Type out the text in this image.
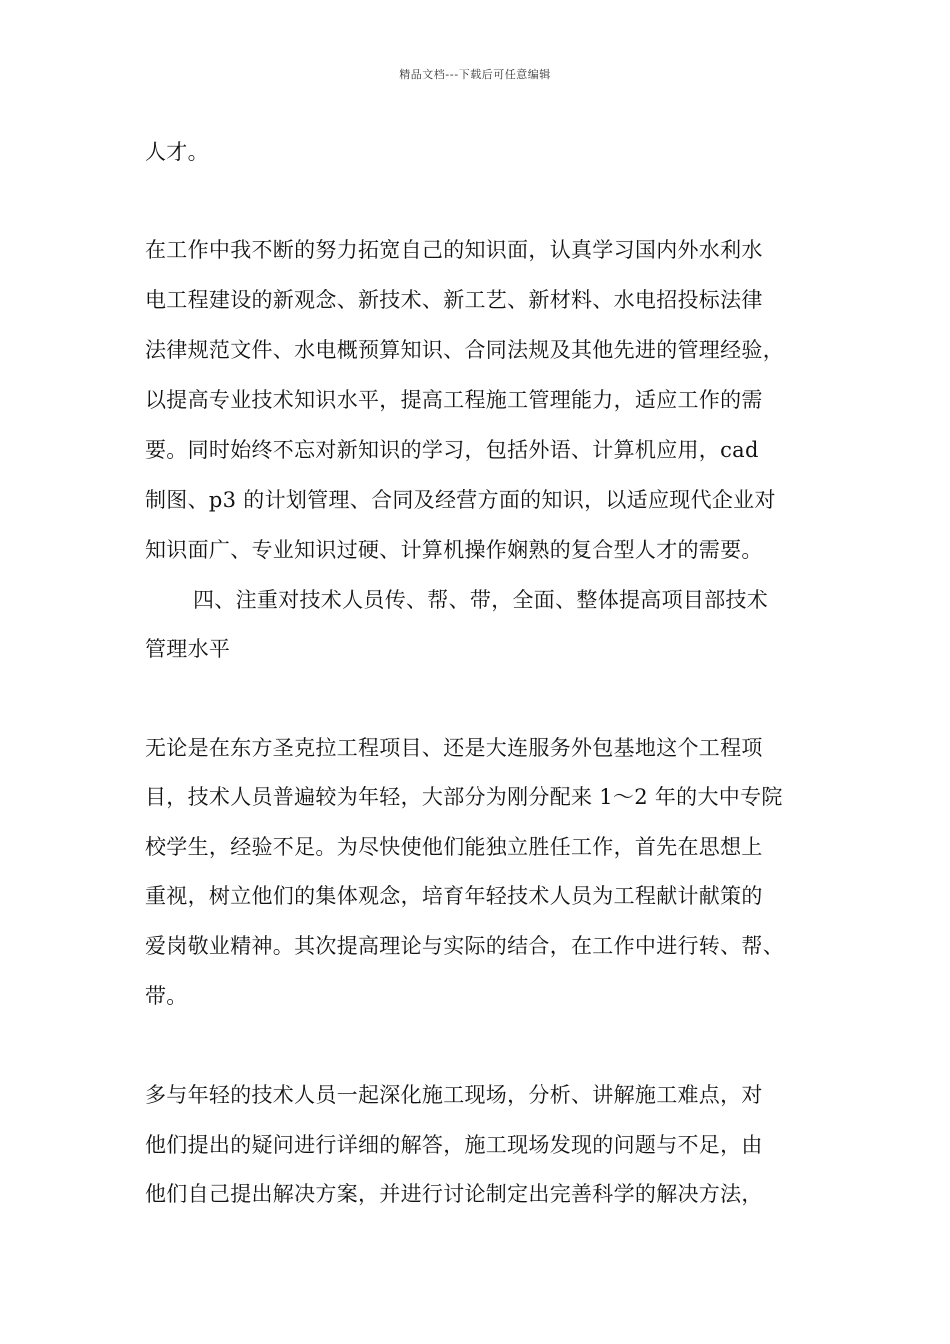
精品文档---下载后可任意编辑
人才。
在工作中我不断的努力拓宽自己的知识面，认真学习国内外水利水
电工程建设的新观念、新技术、新工艺、新材料、水电招投标法律
法律规范文件、水电概预算知识、合同法规及其他先进的管理经验，
以提高专业技术知识水平，提高工程施工管理能力，适应工作的需
要。同时始终不忘对新知识的学习，包括外语、计算机应用，cad
制图、p3 的计划管理、合同及经营方面的知识，以适应现代企业对
知识面广、专业知识过硬、计算机操作娴熟的复合型人才的需要。
四、注重对技术人员传、帮、带，全面、整体提高项目部技术
管理水平
无论是在东方圣克拉工程项目、还是大连服务外包基地这个工程项
目，技术人员普遍较为年轻，大部分为刚分配来 1～2 年的大中专院
校学生，经验不足。为尽快使他们能独立胜任工作，首先在思想上
重视，树立他们的集体观念，培育年轻技术人员为工程献计献策的
爱岗敬业精神。其次提高理论与实际的结合，在工作中进行转、帮、
带。
多与年轻的技术人员一起深化施工现场，分析、讲解施工难点，对
他们提出的疑问进行详细的解答，施工现场发现的问题与不足，由
他们自己提出解决方案，并进行讨论制定出完善科学的解决方法，
